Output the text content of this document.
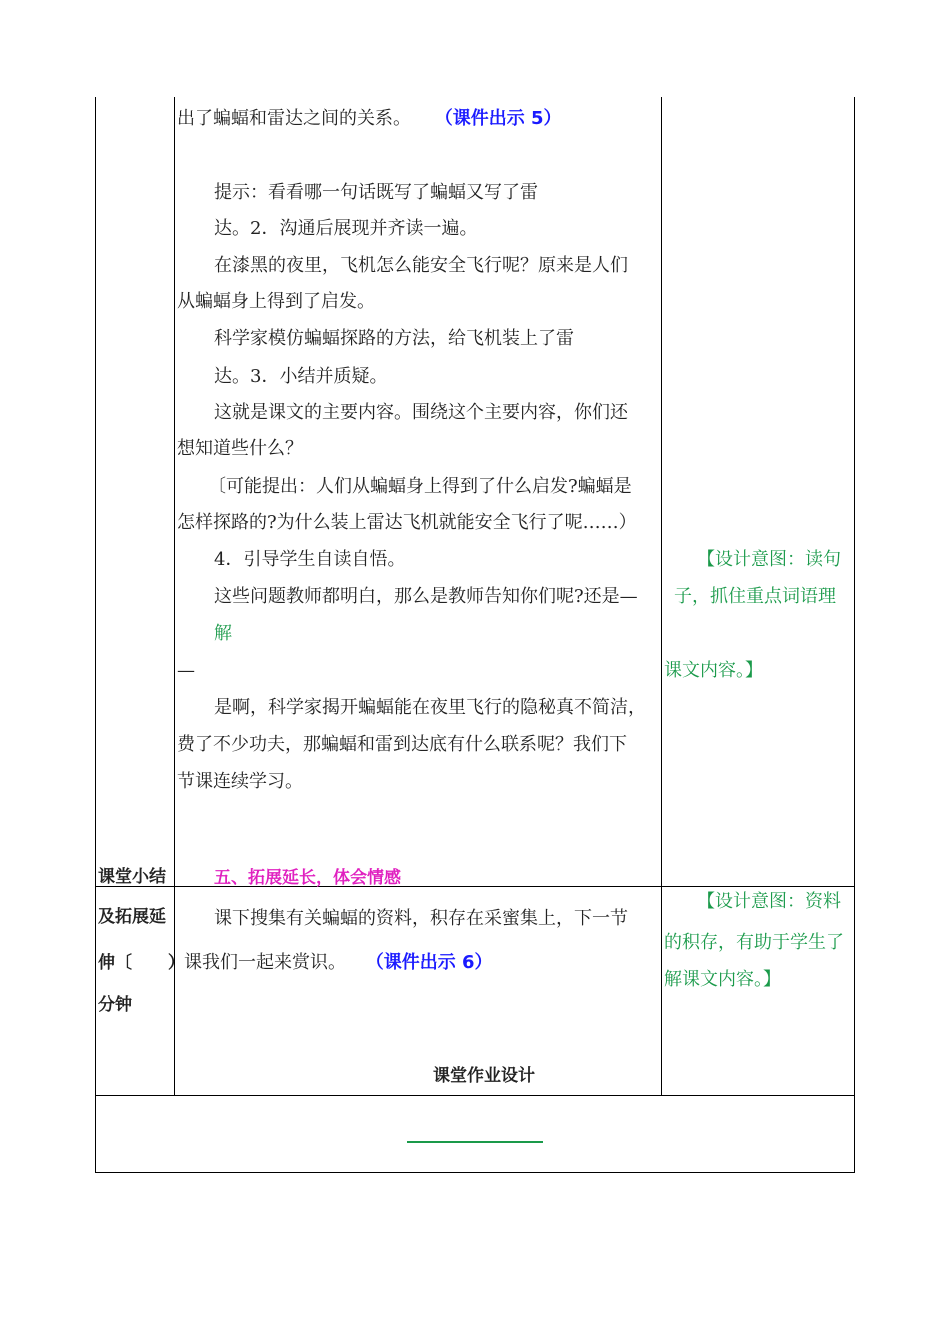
出了蝙蝠和雷达之间的关系。 （课件出示 5）
提示：看看哪一句话既写了蝙蝠又写了雷
达。2．沟通后展现并齐读一遍。
在漆黑的夜里，飞机怎么能安全飞行呢？原来是人们
从蝙蝠身上得到了启发。
科学家模仿蝙蝠探路的方法，给飞机装上了雷
达。3．小结并质疑。
这就是课文的主要内容。围绕这个主要内容，你们还
想知道些什么？
〔可能提出：人们从蝙蝠身上得到了什么启发?蝙蝠是
怎样探路的?为什么装上雷达飞机就能安全飞行了呢……）
4．引导学生自读自悟。
这些问题教师都明白，那么是教师告知你们呢?还是—
解
—
是啊，科学家揭开蝙蝠能在夜里飞行的隐秘真不简洁，
费了不少功夫，那蝙蝠和雷到达底有什么联系呢？我们下
节课连续学习。
五、拓展延长，体会情感
课下搜集有关蝙蝠的资料，积存在采蜜集上，下一节
课我们一起来赏识。 （课件出示 6）
课堂作业设计
课堂小结
及拓展延
伸〔 ）
分钟
【设计意图：读句
子，抓住重点词语理
课文内容。】
【设计意图：资料
的积存，有助于学生了
解课文内容。】
